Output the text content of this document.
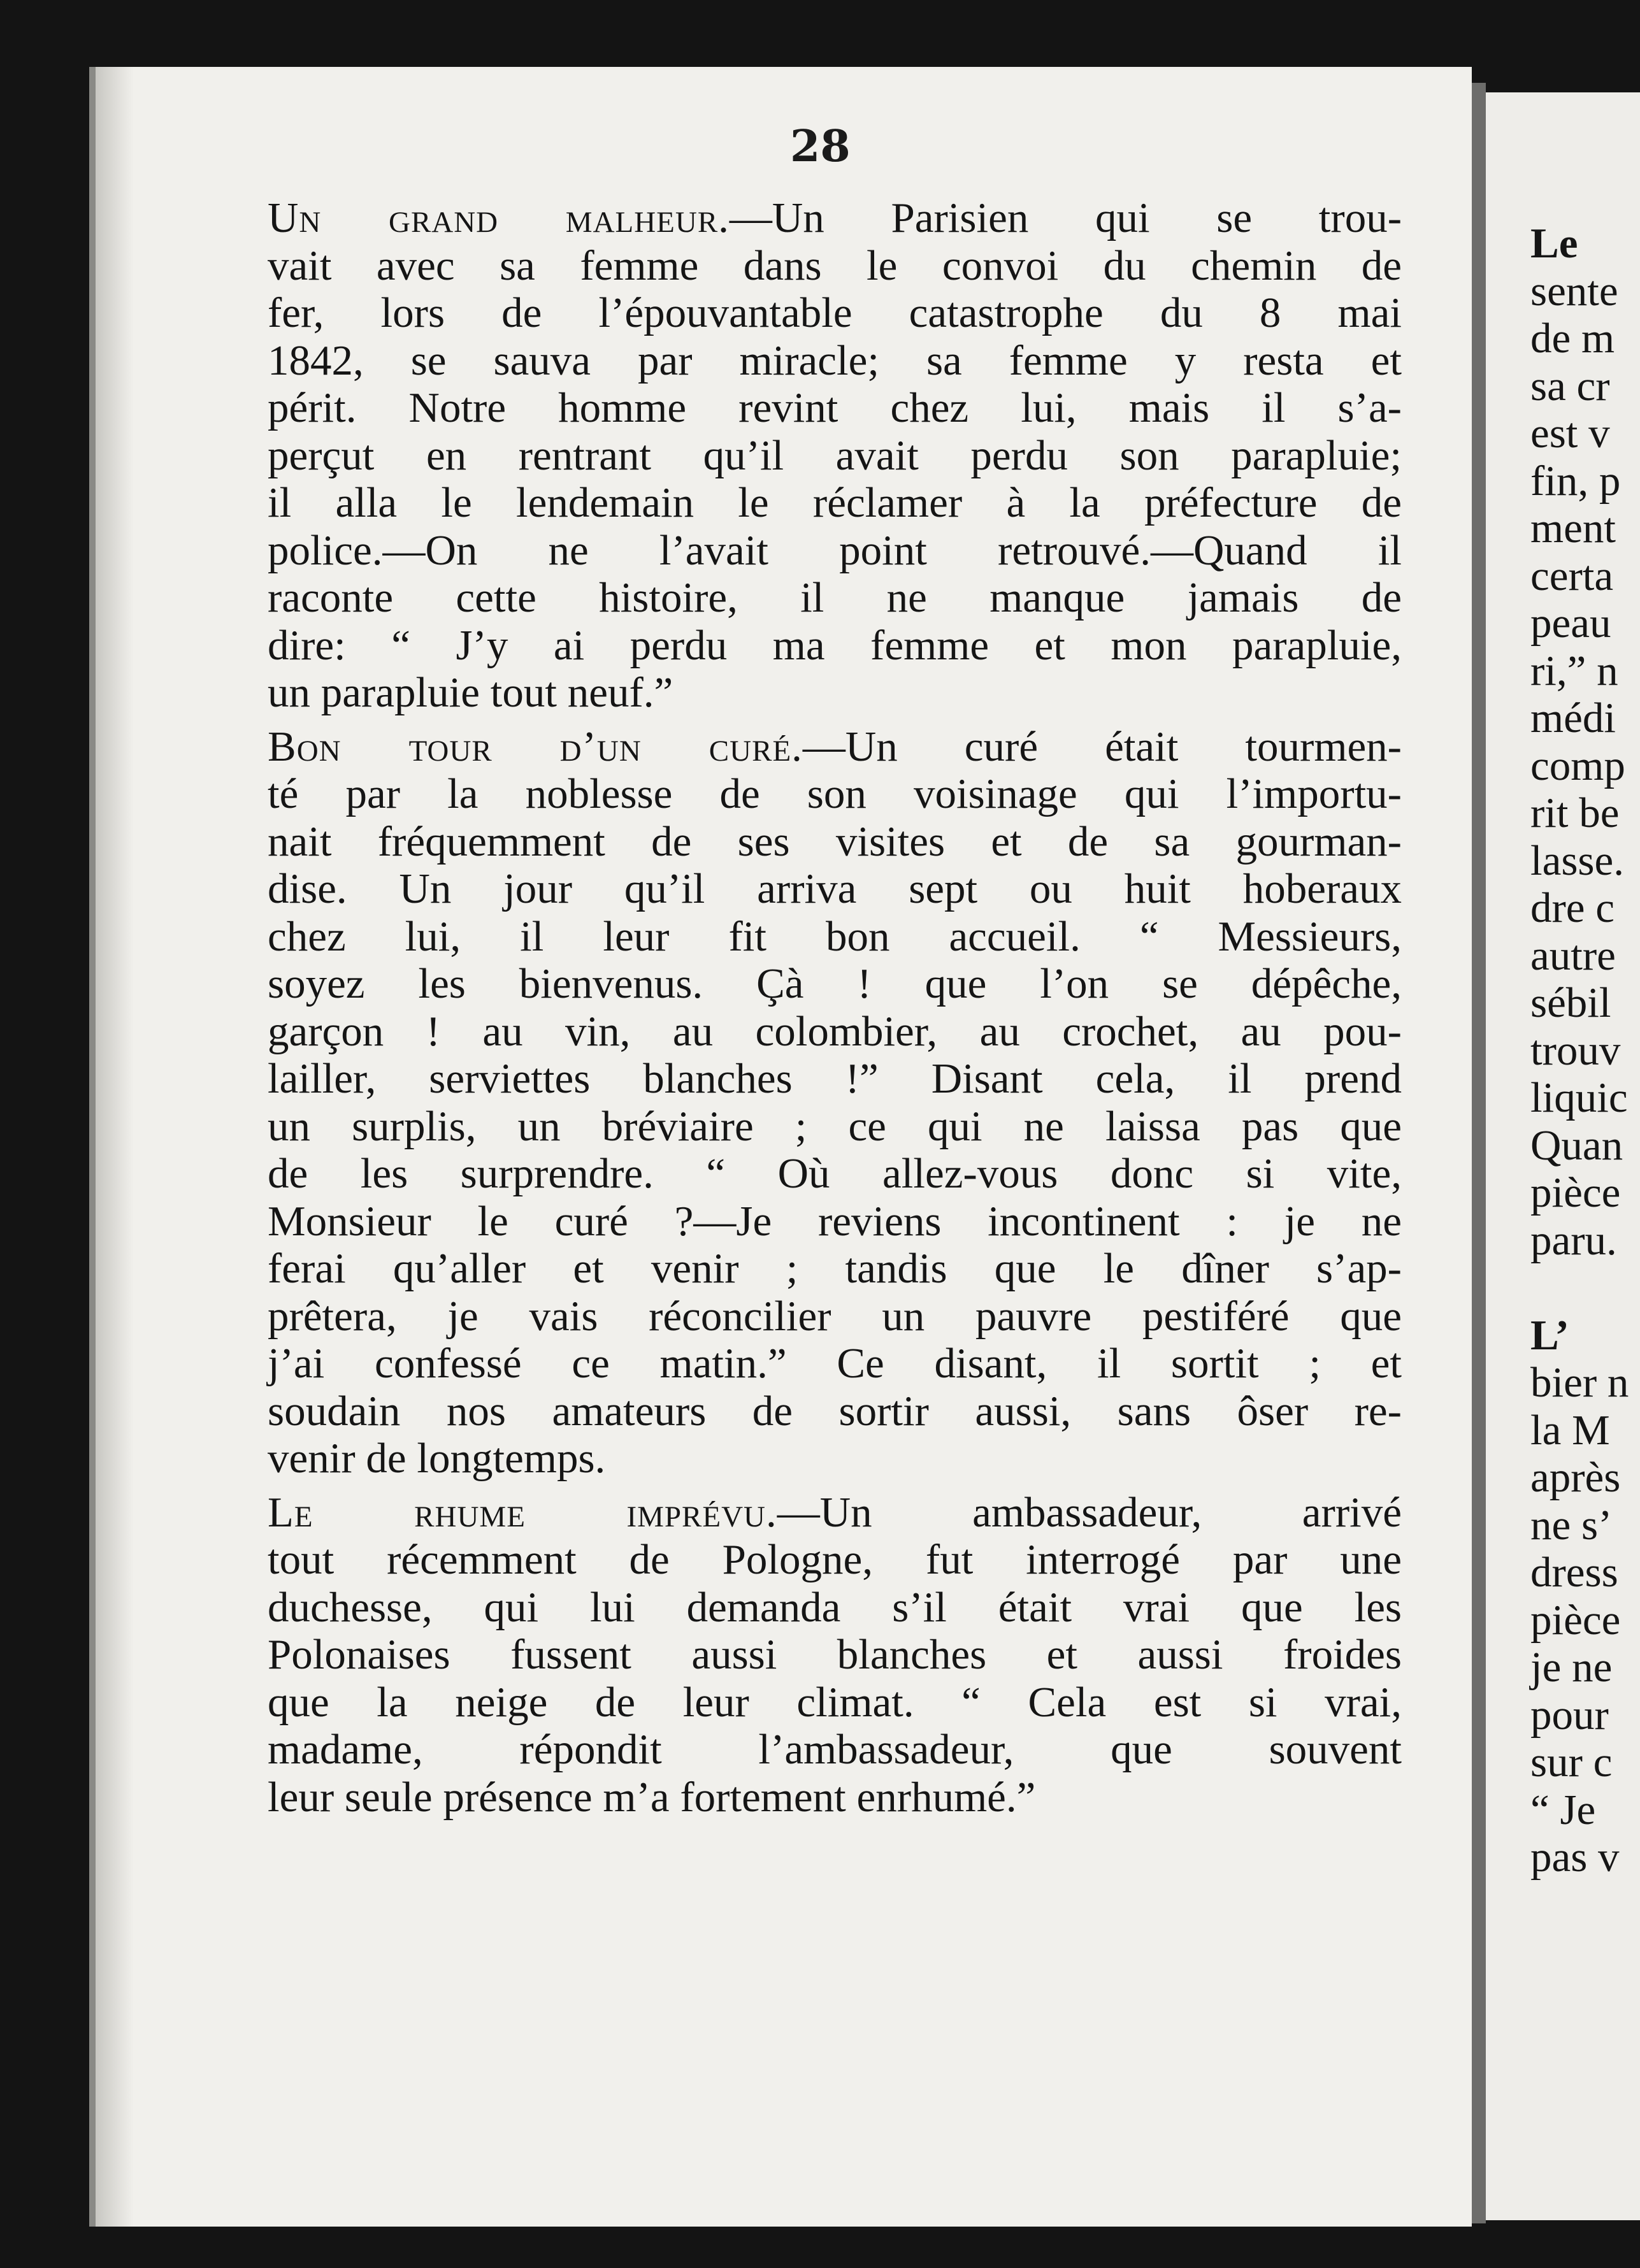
Le
sente
de m
sa cr
est v
fin, p
ment
certa
peau
ri,” n
médi
comp
rit be
lasse.
dre c
autre
sébil
trouv
liquic
Quan
pièce
paru.

L’
bier n
la M
après
ne s’
dress
pièce
je ne
pour
sur c
“ Je
pas v
28
Un grand malheur.—Un Parisien qui se trou-
vait avec sa femme dans le convoi du chemin de
fer, lors de l’épouvantable catastrophe du 8 mai
1842, se sauva par miracle; sa femme y resta et
périt. Notre homme revint chez lui, mais il s’a-
perçut en rentrant qu’il avait perdu son parapluie;
il alla le lendemain le réclamer à la préfecture de
police.—On ne l’avait point retrouvé.—Quand il
raconte cette histoire, il ne manque jamais de
dire: “ J’y ai perdu ma femme et mon parapluie,
un parapluie tout neuf.”
Bon tour d’un curé.—Un curé était tourmen-
té par la noblesse de son voisinage qui l’importu-
nait fréquemment de ses visites et de sa gourman-
dise. Un jour qu’il arriva sept ou huit hoberaux
chez lui, il leur fit bon accueil. “ Messieurs,
soyez les bienvenus. Çà ! que l’on se dépêche,
garçon ! au vin, au colombier, au crochet, au pou-
lailler, serviettes blanches !” Disant cela, il prend
un surplis, un bréviaire ; ce qui ne laissa pas que
de les surprendre. “ Où allez-vous donc si vite,
Monsieur le curé ?—Je reviens incontinent : je ne
ferai qu’aller et venir ; tandis que le dîner s’ap-
prêtera, je vais réconcilier un pauvre pestiféré que
j’ai confessé ce matin.” Ce disant, il sortit ; et
soudain nos amateurs de sortir aussi, sans ôser re-
venir de longtemps.
Le rhume imprévu.—Un ambassadeur, arrivé
tout récemment de Pologne, fut interrogé par une
duchesse, qui lui demanda s’il était vrai que les
Polonaises fussent aussi blanches et aussi froides
que la neige de leur climat. “ Cela est si vrai,
madame, répondit l’ambassadeur, que souvent
leur seule présence m’a fortement enrhumé.”
